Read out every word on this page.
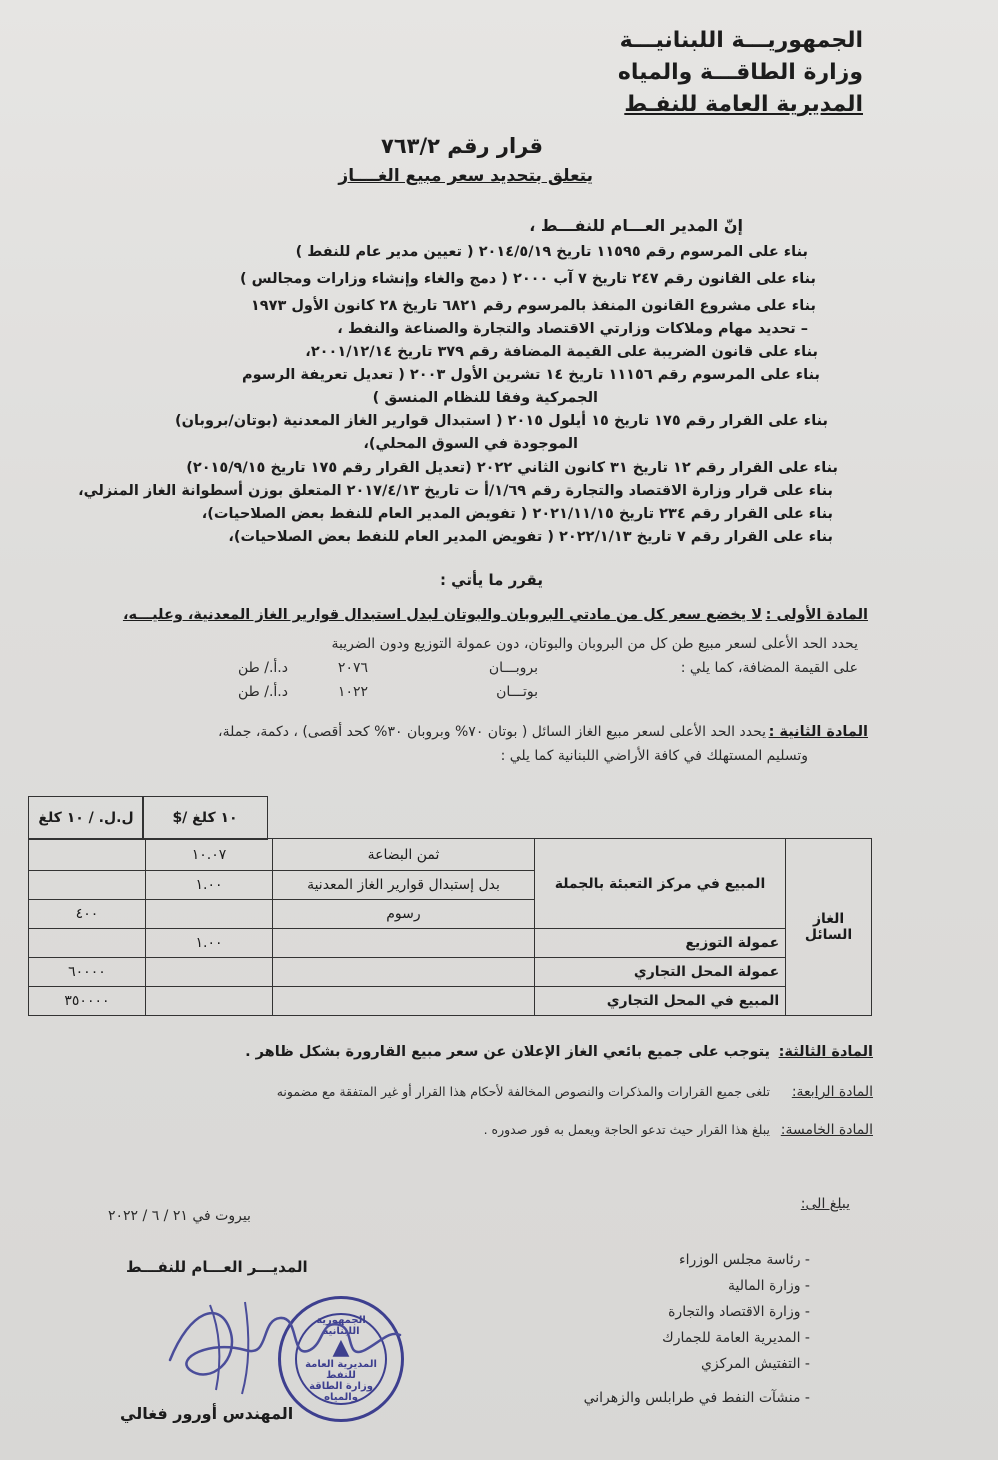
الجمهوريـــة اللبنانيـــة
وزارة الطاقـــة والمياه
المديرية العامة للنفـط
قرار رقم ٧٦٣/٢
يتعلق بتحديد سعر مبيع الغــــاز
إنّ المدير العـــام للنفـــط ،
بناء على المرسوم رقم ١١٥٩٥ تاريخ ٢٠١٤/٥/١٩ ( تعيين مدير عام للنفط )
بناء على القانون رقم ٢٤٧ تاريخ ٧ آب ٢٠٠٠ ( دمج والغاء وإنشاء وزارات ومجالس )
بناء على مشروع القانون المنفذ بالمرسوم رقم ٦٨٢١ تاريخ ٢٨ كانون الأول ١٩٧٣
– تحديد مهام وملاكات وزارتي الاقتصاد والتجارة والصناعة والنفط ،
بناء على قانون الضريبة على القيمة المضافة رقم ٣٧٩ تاريخ ٢٠٠١/١٢/١٤،
بناء على المرسوم رقم ١١١٥٦ تاريخ ١٤ تشرين الأول ٢٠٠٣ ( تعديل تعريفة الرسوم
الجمركية وفقا للنظام المنسق )
بناء على القرار رقم ١٧٥ تاريخ ١٥ أيلول ٢٠١٥ ( استبدال قوارير الغاز المعدنية (بوتان/بروبان)
الموجودة في السوق المحلي)،
بناء على القرار رقم ١٢ تاريخ ٣١ كانون الثاني ٢٠٢٢ (تعديل القرار رقم ١٧٥ تاريخ ٢٠١٥/٩/١٥)
بناء على قرار وزارة الاقتصاد والتجارة رقم ١/٦٩/أ ت تاريخ ٢٠١٧/٤/١٣ المتعلق بوزن أسطوانة الغاز المنزلي،
بناء على القرار رقم ٢٣٤ تاريخ ٢٠٢١/١١/١٥ ( تفويض المدير العام للنفط بعض الصلاحيات)،
بناء على القرار رقم ٧ تاريخ ٢٠٢٢/١/١٣ ( تفويض المدير العام للنفط بعض الصلاحيات)،
يقرر ما يأتي :
المادة الأولى :
لا يخضع سعر كل من مادتي البروبان والبوتان لبدل استبدال قوارير الغاز المعدنية، وعليـــه،
يحدد الحد الأعلى لسعر مبيع طن كل من البروبان والبوتان، دون عمولة التوزيع ودون الضريبة
على القيمة المضافة، كما يلي :
بروبـــان
٢٠٧٦
د.أ./ طن
بوتـــان
١٠٢٢
د.أ./ طن
المادة الثانية :
يحدد الحد الأعلى لسعر مبيع الغاز السائل ( بوتان ٧٠% وبروبان ٣٠% كحد أقصى) ، دكمة، جملة،
وتسليم المستهلك في كافة الأراضي اللبنانية كما يلي :
ل.ل. / ١٠ كلغ	١٠ كلغ /$
الغاز السائل	المبيع في مركز التعبئة بالجملة	ثمن البضاعة	١٠.٠٧	
		بدل إستبدال قوارير الغاز المعدنية	١.٠٠	
		رسوم		٤٠٠
	عمولة التوزيع		١.٠٠	
	عمولة المحل التجاري			٦٠٠٠٠
	المبيع في المحل التجاري			٣٥٠٠٠٠
المادة الثالثة:
يتوجب على جميع بائعي الغاز الإعلان عن سعر مبيع القارورة بشكل ظاهر .
المادة الرابعة:
تلغى جميع القرارات والمذكرات والنصوص المخالفة لأحكام هذا القرار أو غير المتفقة مع مضمونه
المادة الخامسة:
يبلغ هذا القرار حيث تدعو الحاجة ويعمل به فور صدوره .
بيروت في ٢١ / ٦ / ٢٠٢٢
المديـــر العـــام للنفـــط
يبلغ الى:
- رئاسة مجلس الوزراء
- وزارة المالية
- وزارة الاقتصاد والتجارة
- المديرية العامة للجمارك
- التفتيش المركزي
- منشآت النفط في طرابلس والزهراني
الجمهورية اللبنانية
▲
المديرية العامة للنفط
وزارة الطاقة والمياه
المهندس أورور فغالي
